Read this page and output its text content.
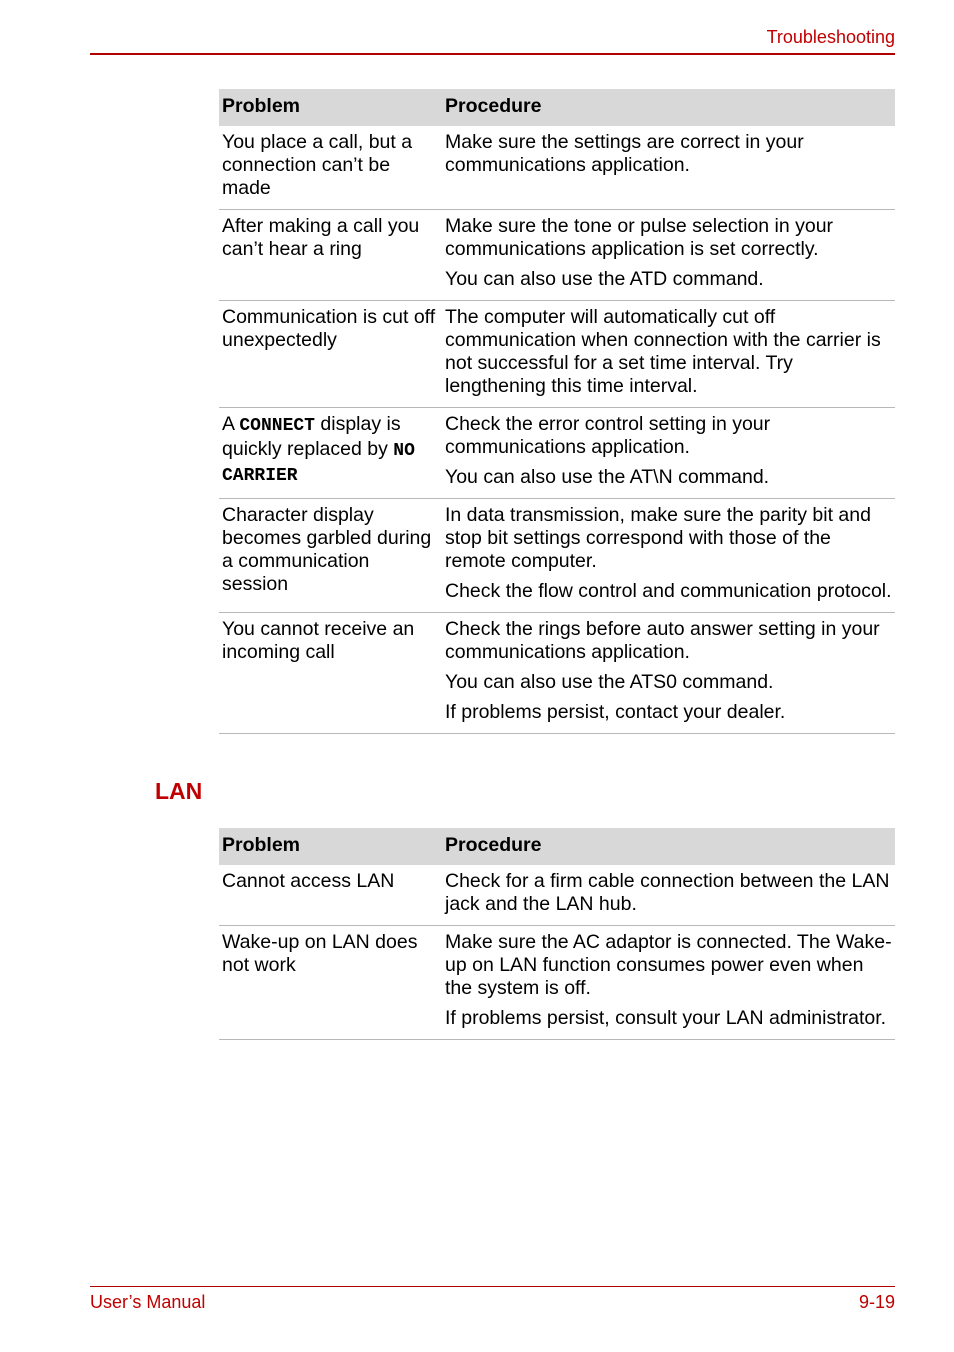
Troubleshooting
Problem	Procedure
You place a call, but a connection can’t be made	Make sure the settings are correct in your communications application.

After making a call you can’t hear a ring	Make sure the tone or pulse selection in your communications application is set correctly.

You can also use the ATD command.

Communication is cut off unexpectedly	The computer will automatically cut off communication when connection with the carrier is not successful for a set time interval. Try lengthening this time interval.

A CONNECT display is quickly replaced by NO CARRIER	Check the error control setting in your communications application.

You can also use the AT\N command.

Character display becomes garbled during a communication session	In data transmission, make sure the parity bit and stop bit settings correspond with those of the remote computer.

Check the flow control and communication protocol.

You cannot receive an incoming call	Check the rings before auto answer setting in your communications application.

You can also use the ATS0 command.

If problems persist, contact your dealer.

LAN
Problem	Procedure
Cannot access LAN	Check for a firm cable connection between the LAN jack and the LAN hub.

Wake-up on LAN does not work	Make sure the AC adaptor is connected. The Wake-up on LAN function consumes power even when the system is off.

If problems persist, consult your LAN administrator.

User’s Manual	9-19
